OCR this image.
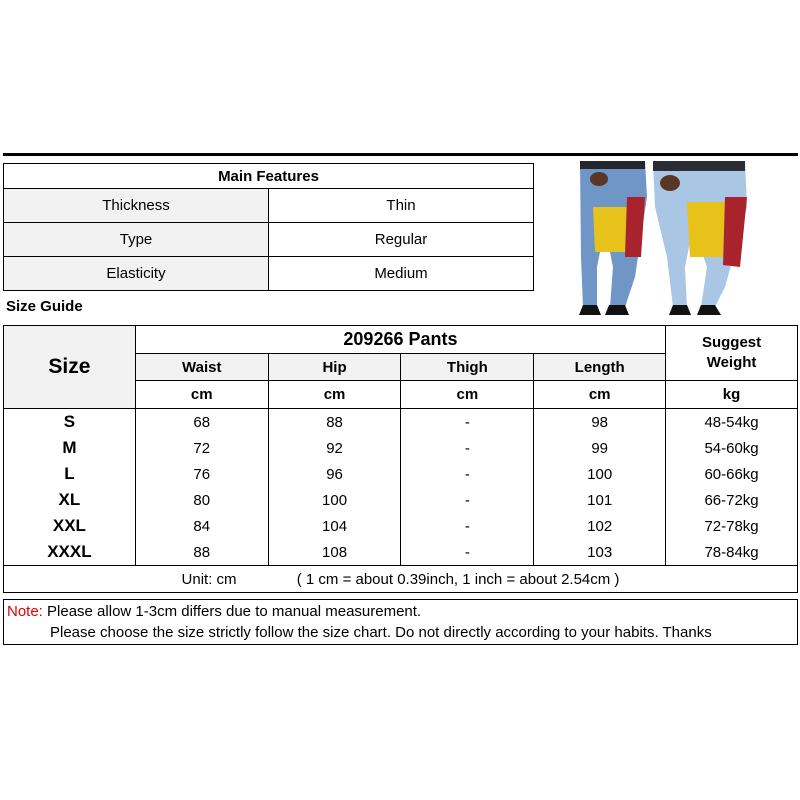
Main Features	
Thickness	Thin
Type	Regular
Elasticity	Medium
Size Guide
Size	209266 Pants				Suggest
Weight
	Waist	Hip	Thigh	Length	
	cm	cm	cm	cm	kg
S	68	88	-	98	48-54kg
M	72	92	-	99	54-60kg
L	76	96	-	100	60-66kg
XL	80	100	-	101	66-72kg
XXL	84	104	-	102	72-78kg
XXXL	88	108	-	103	78-84kg
Unit: cm ( 1 cm = about 0.39inch, 1 inch = about 2.54cm )					
Note: Please allow 1-3cm differs due to manual measurement.
Please choose the size strictly follow the size chart. Do not directly according to your habits. Thanks
